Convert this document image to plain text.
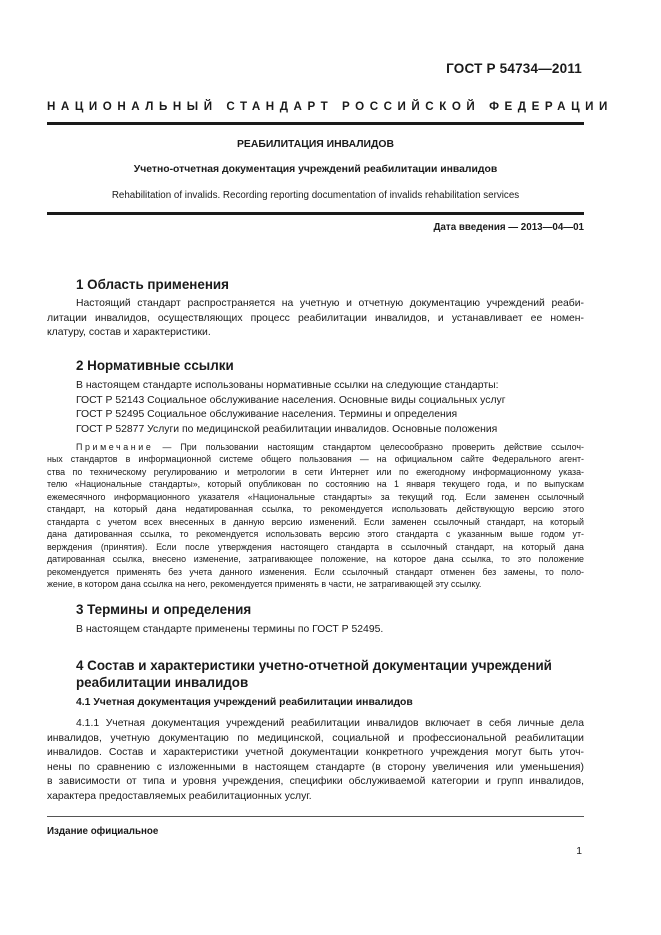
ГОСТ Р 54734—2011
НАЦИОНАЛЬНЫЙ СТАНДАРТ РОССИЙСКОЙ ФЕДЕРАЦИИ
РЕАБИЛИТАЦИЯ ИНВАЛИДОВ
Учетно-отчетная документация учреждений реабилитации инвалидов
Rehabilitation of invalids. Recording reporting documentation of invalids rehabilitation services
Дата введения — 2013—04—01
1 Область применения
Настоящий стандарт распространяется на учетную и отчетную документацию учреждений реаби-
литации инвалидов, осуществляющих процесс реабилитации инвалидов, и устанавливает ее номен-
клатуру, состав и характеристики.
2 Нормативные ссылки
В настоящем стандарте использованы нормативные ссылки на следующие стандарты:
ГОСТ Р 52143 Социальное обслуживание населения. Основные виды социальных услуг
ГОСТ Р 52495 Социальное обслуживание населения. Термины и определения
ГОСТ Р 52877 Услуги по медицинской реабилитации инвалидов. Основные положения
Примечание — При пользовании настоящим стандартом целесообразно проверить действие ссылоч-
ных стандартов в информационной системе общего пользования — на официальном сайте Федерального агент-
ства по техническому регулированию и метрологии в сети Интернет или по ежегодному информационному указа-
телю «Национальные стандарты», который опубликован по состоянию на 1 января текущего года, и по выпускам
ежемесячного информационного указателя «Национальные стандарты» за текущий год. Если заменен ссылочный
стандарт, на который дана недатированная ссылка, то рекомендуется использовать действующую версию этого
стандарта с учетом всех внесенных в данную версию изменений. Если заменен ссылочный стандарт, на который
дана датированная ссылка, то рекомендуется использовать версию этого стандарта с указанным выше годом ут-
верждения (принятия). Если после утверждения настоящего стандарта в ссылочный стандарт, на который дана
датированная ссылка, внесено изменение, затрагивающее положение, на которое дана ссылка, то это положение
рекомендуется применять без учета данного изменения. Если ссылочный стандарт отменен без замены, то поло-
жение, в котором дана ссылка на него, рекомендуется применять в части, не затрагивающей эту ссылку.
3 Термины и определения
В настоящем стандарте применены термины по ГОСТ Р 52495.
4 Состав и характеристики учетно-отчетной документации учреждений
реабилитации инвалидов
4.1 Учетная документация учреждений реабилитации инвалидов
4.1.1 Учетная документация учреждений реабилитации инвалидов включает в себя личные дела
инвалидов, учетную документацию по медицинской, социальной и профессиональной реабилитации
инвалидов. Состав и характеристики учетной документации конкретного учреждения могут быть уточ-
нены по сравнению с изложенными в настоящем стандарте (в сторону увеличения или уменьшения)
в зависимости от типа и уровня учреждения, специфики обслуживаемой категории и групп инвалидов,
характера предоставляемых реабилитационных услуг.
Издание официальное
1
